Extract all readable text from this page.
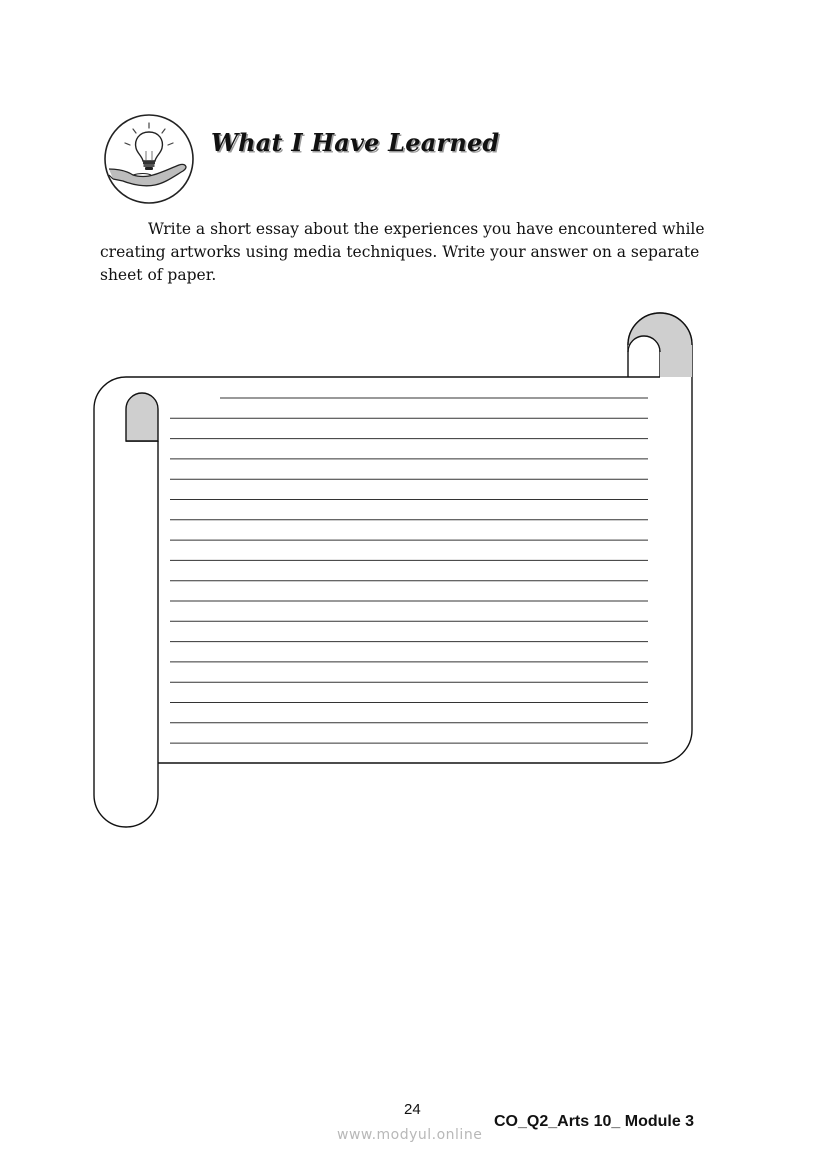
What I Have Learned

Write a short essay about the experiences you have encountered while creating artworks using media techniques. Write your answer on a separate sheet of paper.

24
CO_Q2_Arts 10_ Module 3
www.modyul.online
